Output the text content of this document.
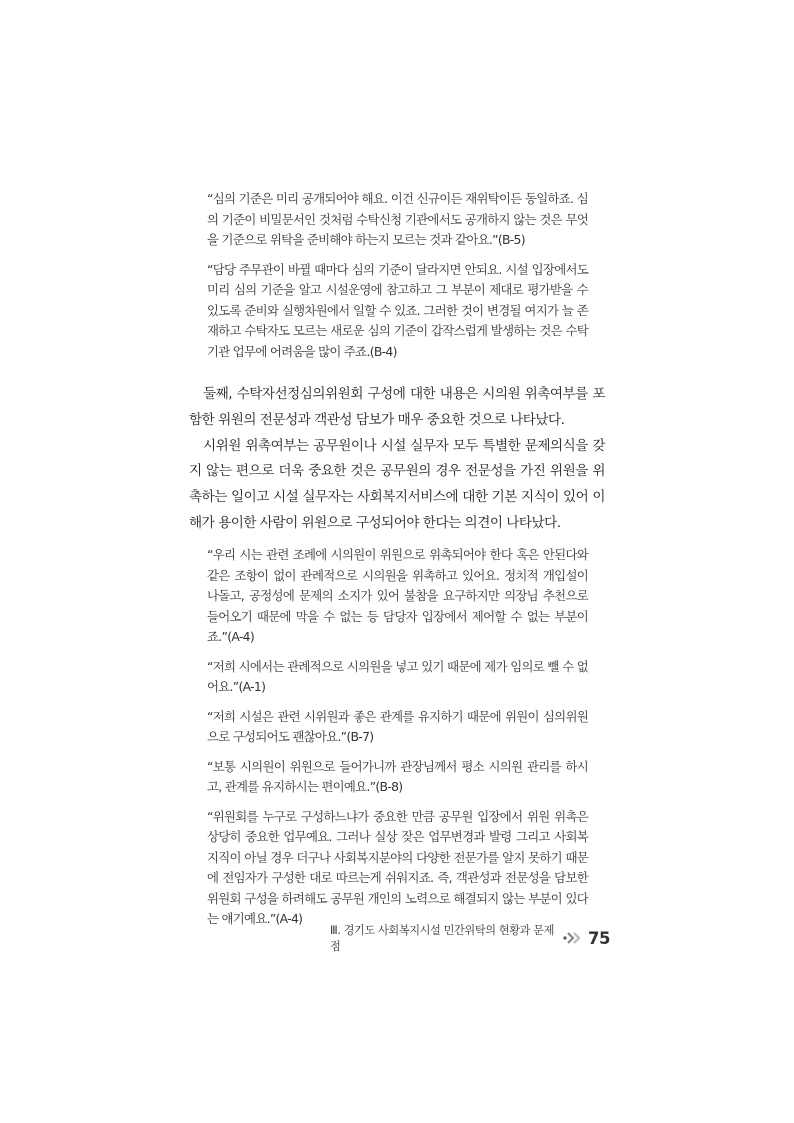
“심의 기준은 미리 공개되어야 해요. 이건 신규이든 재위탁이든 동일하죠. 심의 기준이 비밀문서인 것처럼 수탁신청 기관에서도 공개하지 않는 것은 무엇을 기준으로 위탁을 준비해야 하는지 모르는 것과 같아요.”(B-5)

“담당 주무관이 바뀔 때마다 심의 기준이 달라지면 안되요. 시설 입장에서도 미리 심의 기준을 알고 시설운영에 참고하고 그 부분이 제대로 평가받을 수 있도록 준비와 실행차원에서 일할 수 있죠. 그러한 것이 변경될 여지가 늘 존재하고 수탁자도 모르는 새로운 심의 기준이 갑작스럽게 발생하는 것은 수탁 기관 업무에 어려움을 많이 주죠.(B-4)

둘째, 수탁자선정심의위원회 구성에 대한 내용은 시의원 위촉여부를 포함한 위원의 전문성과 객관성 담보가 매우 중요한 것으로 나타났다.

시위원 위촉여부는 공무원이나 시설 실무자 모두 특별한 문제의식을 갖지 않는 편으로 더욱 중요한 것은 공무원의 경우 전문성을 가진 위원을 위촉하는 일이고 시설 실무자는 사회복지서비스에 대한 기본 지식이 있어 이해가 용이한 사람이 위원으로 구성되어야 한다는 의견이 나타났다.

“우리 시는 관련 조례에 시의원이 위원으로 위촉되어야 한다 혹은 안된다와 같은 조항이 없이 관례적으로 시의원을 위촉하고 있어요. 정치적 개입설이 나돌고, 공정성에 문제의 소지가 있어 불참을 요구하지만 의장님 추천으로 들어오기 때문에 막을 수 없는 등 담당자 입장에서 제어할 수 없는 부분이죠.”(A-4)

“저희 시에서는 관례적으로 시의원을 넣고 있기 때문에 제가 임의로 뺄 수 없어요.”(A-1)

“저희 시설은 관련 시위원과 좋은 관계를 유지하기 때문에 위원이 심의위원으로 구성되어도 괜찮아요.”(B-7)

“보통 시의원이 위원으로 들어가니까 관장님께서 평소 시의원 관리를 하시고, 관계를 유지하시는 편이예요.”(B-8)

“위원회를 누구로 구성하느냐가 중요한 만큼 공무원 입장에서 위원 위촉은 상당히 중요한 업무예요. 그러나 실상 잦은 업무변경과 발령 그리고 사회복지직이 아닐 경우 더구나 사회복지분야의 다양한 전문가를 알지 못하기 때문에 전임자가 구성한 대로 따르는게 쉬워지죠. 즉, 객관성과 전문성을 담보한 위원회 구성을 하려해도 공무원 개인의 노력으로 해결되지 않는 부분이 있다는 얘기예요.”(A-4)

Ⅲ. 경기도 사회복지시설 민간위탁의 현황과 문제점	75
